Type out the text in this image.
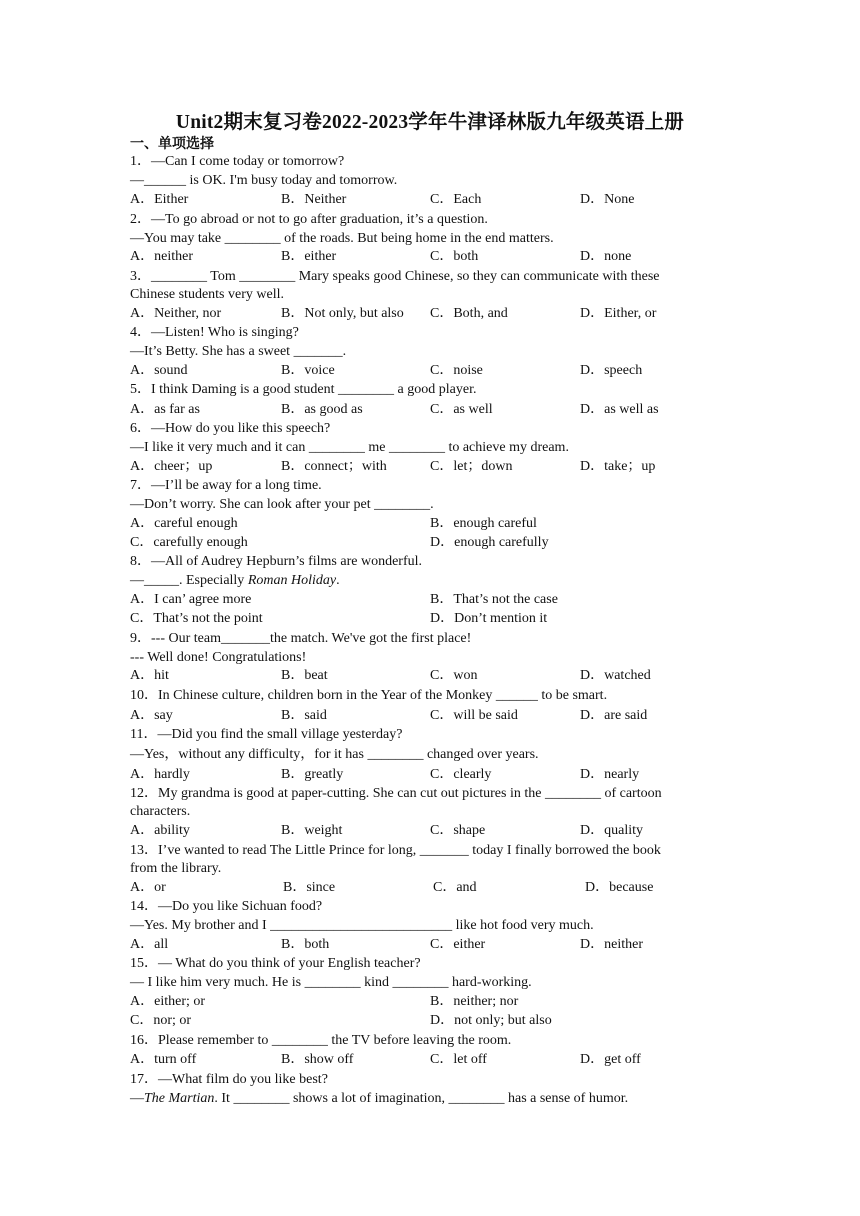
Unit2期末复习卷2022-2023学年牛津译林版九年级英语上册
一、单项选择
1．—Can I come today or tomorrow?
—______ is OK. I'm busy today and tomorrow.
A．Either	B．Neither	C．Each	D．None
2．—To go abroad or not to go after graduation, it’s a question.
—You may take ________ of the roads. But being home in the end matters.
A．neither	B．either	C．both	D．none
3．________ Tom ________ Mary speaks good Chinese, so they can communicate with these
Chinese students very well.
A．Neither, nor	B．Not only, but also C．Both, and	D．Either, or
4．—Listen! Who is singing?
—It’s Betty. She has a sweet _______.
A．sound	B．voice	C．noise	D．speech
5．I think Daming is a good student ________ a good player.
A．as far as	B．as good as	C．as well	D．as well as
6．—How do you like this speech?
—I like it very much and it can ________ me ________ to achieve my dream.
A．cheer；up	B．connect；with	C．let；down	D．take；up
7．—I’ll be away for a long time.
—Don’t worry. She can look after your pet ________.
A．careful enough	B．enough careful
C．carefully enough	D．enough carefully
8．—All of Audrey Hepburn’s films are wonderful.
—_____. Especially Roman Holiday.
A．I can’ agree more	B．That’s not the case
C．That’s not the point	D．Don’t mention it
9．--- Our team_______the match. We've got the first place!
--- Well done! Congratulations!
A．hit	B．beat	C．won	D．watched
10．In Chinese culture, children born in the Year of the Monkey ______ to be smart.
A．say	B．said	C．will be said	D．are said
11．—Did you find the small village yesterday?
—Yes，without any difficulty，for it has ________ changed over years.
A．hardly	B．greatly	C．clearly	D．nearly
12．My grandma is good at paper-cutting. She can cut out pictures in the ________ of cartoon
characters.
A．ability	B．weight	C．shape	D．quality
13．I’ve wanted to read The Little Prince for long, _______ today I finally borrowed the book
from the library.
A．or	B．since	C．and	D．because
14．—Do you like Sichuan food?
—Yes. My brother and I __________________________ like hot food very much.
A．all	B．both	C．either	D．neither
15．— What do you think of your English teacher?
— I like him very much. He is ________ kind ________ hard-working.
A．either; or	B．neither; nor
C．nor; or	D．not only; but also
16．Please remember to ________ the TV before leaving the room.
A．turn off	B．show off	C．let off	D．get off
17．—What film do you like best?
—The Martian. It ________ shows a lot of imagination, ________ has a sense of humor.
